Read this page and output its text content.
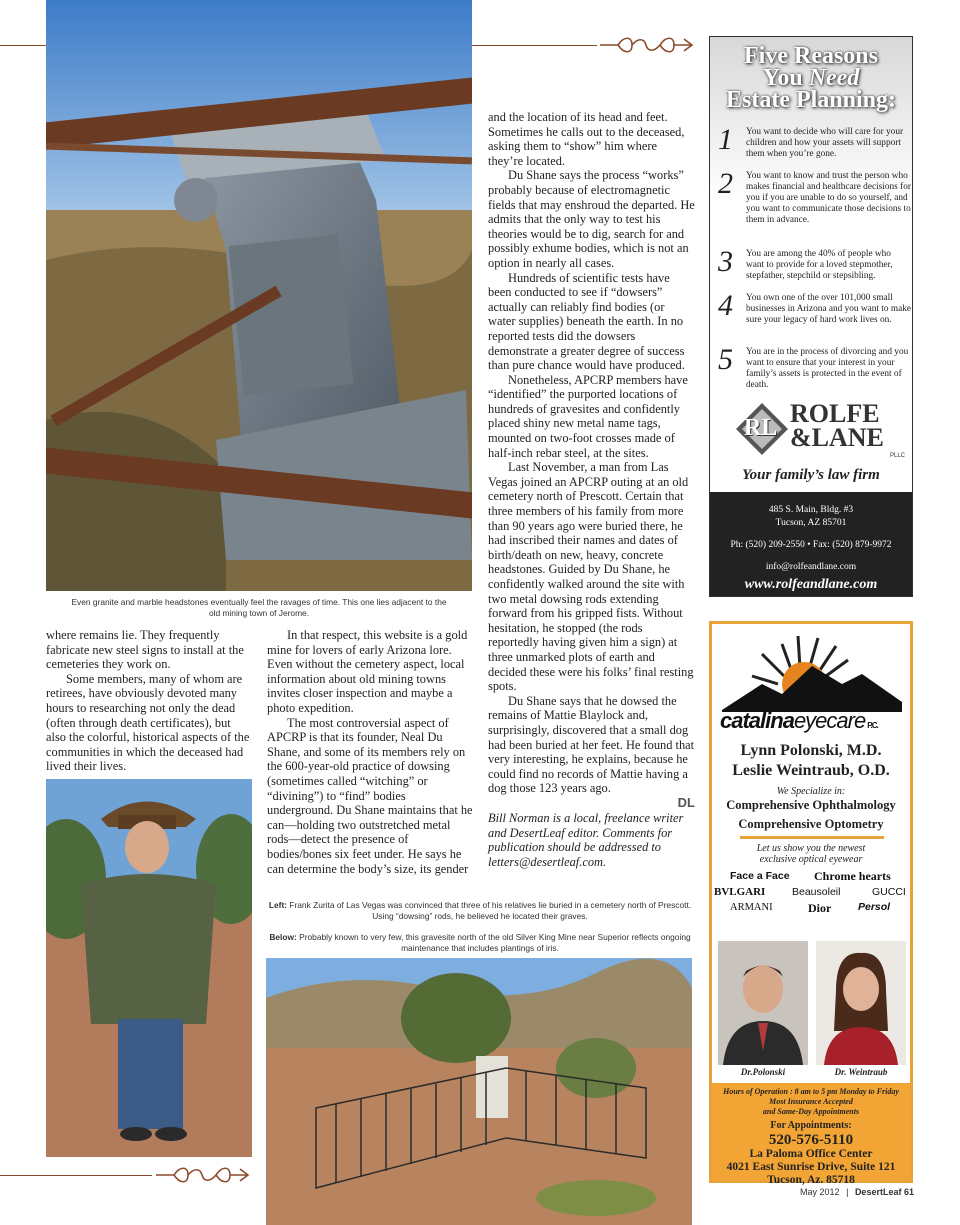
Even granite and marble headstones eventually feel the ravages of time. This one lies adjacent to the old mining town of Jerome.

and the location of its head and feet. Sometimes he calls out to the deceased, asking them to “show” him where they’re located.

Du Shane says the process “works” probably because of electromagnetic fields that may enshroud the departed. He admits that the only way to test his theories would be to dig, search for and possibly exhume bodies, which is not an option in nearly all cases.

Hundreds of scientific tests have been conducted to see if “dowsers” actually can reliably find bodies (or water supplies) beneath the earth. In no reported tests did the dowsers demonstrate a greater degree of success than pure chance would have produced.

Nonetheless, APCRP members have “identified” the purported locations of hundreds of gravesites and confidently placed shiny new metal name tags, mounted on two-foot crosses made of half-inch rebar steel, at the sites.

Last November, a man from Las Vegas joined an APCRP outing at an old cemetery north of Prescott. Certain that three members of his family from more than 90 years ago were buried there, he had inscribed their names and dates of birth/death on new, heavy, concrete headstones. Guided by Du Shane, he confidently walked around the site with two metal dowsing rods extending forward from his gripped fists. Without hesitation, he stopped (the rods reportedly having given him a sign) at three unmarked plots of earth and decided these were his folks’ final resting spots.

Du Shane says that he dowsed the remains of Mattie Blaylock and, surprisingly, discovered that a small dog had been buried at her feet. He found that very interesting, he explains, because he could find no records of Mattie having a dog those 123 years ago.

DL
Bill Norman is a local, freelance writer and DesertLeaf editor. Comments for publication should be addressed to letters@desertleaf.com.

where remains lie. They frequently fabricate new steel signs to install at the cemeteries they work on.

Some members, many of whom are retirees, have obviously devoted many hours to researching not only the dead (often through death certificates), but also the colorful, historical aspects of the communities in which the deceased had lived their lives.

In that respect, this website is a gold mine for lovers of early Arizona lore. Even without the cemetery aspect, local information about old mining towns invites closer inspection and maybe a photo expedition.

The most controversial aspect of APCRP is that its founder, Neal Du Shane, and some of its members rely on the 600-year-old practice of dowsing (sometimes called “witching” or “divining”) to “find” bodies underground. Du Shane maintains that he can—holding two outstretched metal rods—detect the presence of bodies/bones six feet under. He says he can determine the body’s size, its gender

Left: Frank Zurita of Las Vegas was convinced that three of his relatives lie buried in a cemetery north of Prescott. Using “dowsing” rods, he believed he located their graves.
Below: Probably known to very few, this gravesite north of the old Silver King Mine near Superior reflects ongoing maintenance that includes plantings of iris.
Five Reasons
You Need
Estate Planning:
1 You want to decide who will care for your children and how your assets will support them when you’re gone.
2 You want to know and trust the person who makes financial and healthcare decisions for you if you are unable to do so yourself, and you want to communicate those decisions to them in advance.
3 You are among the 40% of people who want to provide for a loved stepmother, stepfather, stepchild or stepsibling.
4 You own one of the over 101,000 small businesses in Arizona and you want to make sure your legacy of hard work lives on.
5 You are in the process of divorcing and you want to ensure that your interest in your family’s assets is protected in the event of death.
RL ROLFE
&LANE
PLLC
Your family’s law firm
485 S. Main, Bldg. #3
Tucson, AZ 85701
Ph: (520) 209-2550 • Fax: (520) 879-9972
info@rolfeandlane.com
www.rolfeandlane.com
catalinaeyecare P.C.
Lynn Polonski, M.D.
Leslie Weintraub, O.D.
We Specialize in:
Comprehensive Ophthalmology
Comprehensive Optometry
Let us show you the newest
exclusive optical eyewear
Face a Face Chrome hearts
BVLGARI	Beausoleil	GUCCI
ARMANI	Dior	Persol
Dr.Polonski	Dr. Weintraub
Hours of Operation : 8 am to 5 pm Monday to Friday
Most Insurance Accepted
and Same-Day Appointments
For Appointments:
520-576-5110
La Paloma Office Center
4021 East Sunrise Drive, Suite 121
Tucson, Az. 85718
May 2012 | DesertLeaf 61
